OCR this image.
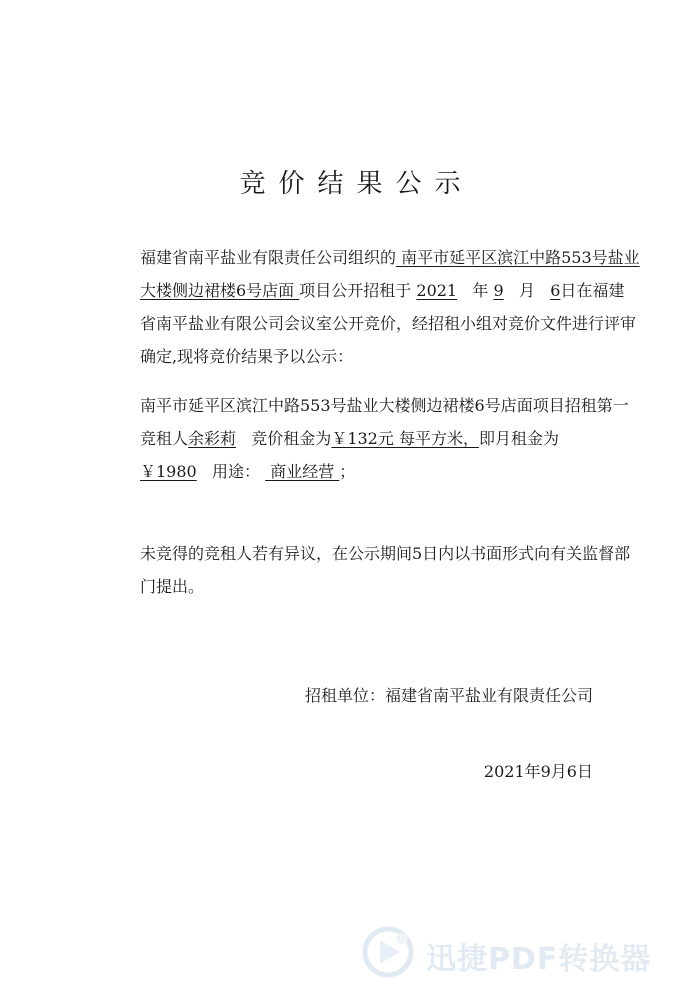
竞价结果公示
福建省南平盐业有限责任公司组织的 南平市延平区滨江中路553号盐业大楼侧边裙楼6号店面 项目公开招租于 2021 年 9 月 6日在福建省南平盐业有限公司会议室公开竞价，经招租小组对竞价文件进行评审确定,现将竞价结果予以公示：
南平市延平区滨江中路553号盐业大楼侧边裙楼6号店面项目招租第一竞租人余彩莉 竞价租金为￥132元 每平方米，即月租金为￥1980 用途：  商业经营 ；
未竞得的竞租人若有异议，在公示期间5日内以书面形式向有关监督部门提出。
招租单位：福建省南平盐业有限责任公司
2021年9月6日
迅捷PDF转换器
